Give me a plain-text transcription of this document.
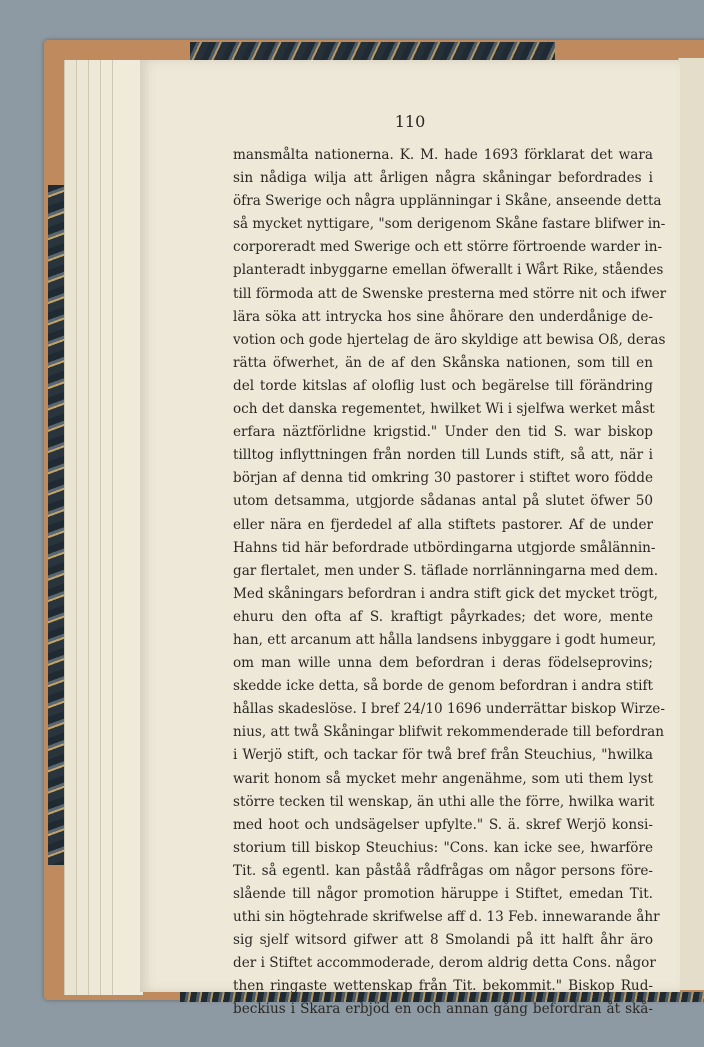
110
mansmålta nationerna. K. M. hade 1693 förklarat det wara
sin nådiga wilja att årligen några skåningar befordrades i
öfra Swerige och några upplänningar i Skåne, anseende detta
så mycket nyttigare, "som derigenom Skåne fastare blifwer in-
corporeradt med Swerige och ett större förtroende warder in-
planteradt inbyggarne emellan öfwerallt i Wårt Rike, ståendes
till förmoda att de Swenske presterna med större nit och ifwer
lära söka att intrycka hos sine åhörare den underdånige de-
votion och gode hjertelag de äro skyldige att bewisa Oß, deras
rätta öfwerhet, än de af den Skånska nationen, som till en
del torde kitslas af oloflig lust och begärelse till förändring
och det danska regementet, hwilket Wi i sjelfwa werket måst
erfara näztförlidne krigstid." Under den tid S. war biskop
tilltog inflyttningen från norden till Lunds stift, så att, när i
början af denna tid omkring 30 pastorer i stiftet woro födde
utom detsamma, utgjorde sådanas antal på slutet öfwer 50
eller nära en fjerdedel af alla stiftets pastorer. Af de under
Hahns tid här befordrade utbördingarna utgjorde smålännin-
gar flertalet, men under S. täflade norrlänningarna med dem.
Med skåningars befordran i andra stift gick det mycket trögt,
ehuru den ofta af S. kraftigt påyrkades; det wore, mente
han, ett arcanum att hålla landsens inbyggare i godt humeur,
om man wille unna dem befordran i deras födelseprovins;
skedde icke detta, så borde de genom befordran i andra stift
hållas skadeslöse. I bref 24/10 1696 underrättar biskop Wirze-
nius, att twå Skåningar blifwit rekommenderade till befordran
i Werjö stift, och tackar för twå bref från Steuchius, "hwilka
warit honom så mycket mehr angenähme, som uti them lyst
större tecken til wenskap, än uthi alle the förre, hwilka warit
med hoot och undsägelser upfylte." S. ä. skref Werjö konsi-
storium till biskop Steuchius: "Cons. kan icke see, hwarföre
Tit. så egentl. kan påståå rådfrågas om någor persons före-
slående till någor promotion häruppe i Stiftet, emedan Tit.
uthi sin högtehrade skrifwelse aff d. 13 Feb. innewarande åhr
sig sjelf witsord gifwer att 8 Smolandi på itt halft åhr äro
der i Stiftet accommoderade, derom aldrig detta Cons. någor
then ringaste wettenskap från Tit. bekommit." Biskop Rud-
beckius i Skara erbjöd en och annan gång befordran åt skå-
